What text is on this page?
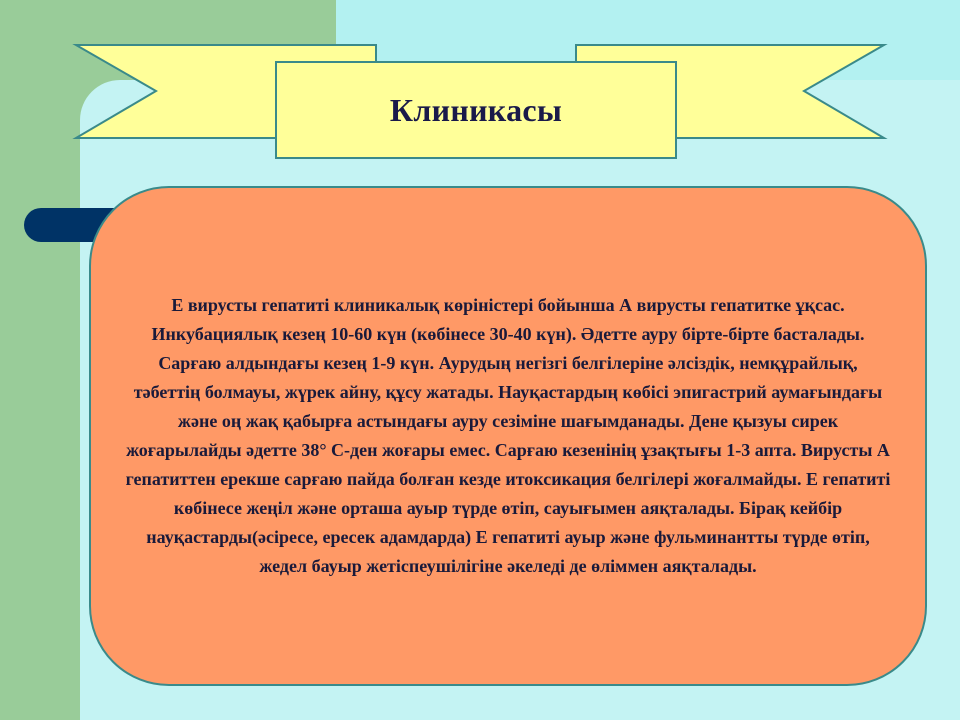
Клиникасы

Е вирусты гепатиті клиникалық көріністері бойынша А вирусты гепатитке ұқсас.
Инкубациялық кезең 10-60 күн (көбінесе 30-40 күн). Әдетте ауру бірте-бірте басталады. Сарғаю алдындағы кезең 1-9 күн. Аурудың негізгі белгілеріне әлсіздік, немқұрайлық, тәбеттің болмауы, жүрек айну, құсу жатады. Науқастардың көбісі эпигастрий аумағындағы және оң жақ қабырға астындағы ауру сезіміне шағымданады. Дене қызуы сирек жоғарылайды әдетте 38° С-ден жоғары емес. Сарғаю кезенінің ұзақтығы 1-3 апта. Вирусты А гепатиттен ерекше сарғаю пайда болған кезде итоксикация белгілері жоғалмайды. Е гепатиті көбінесе жеңіл және орташа ауыр түрде өтіп, сауығымен аяқталады. Бірақ кейбір науқастарды(әсіресе, ересек адамдарда) Е гепатиті ауыр және фульминантты түрде өтіп, жедел бауыр жетіспеушілігіне әкеледі де өліммен аяқталады.
